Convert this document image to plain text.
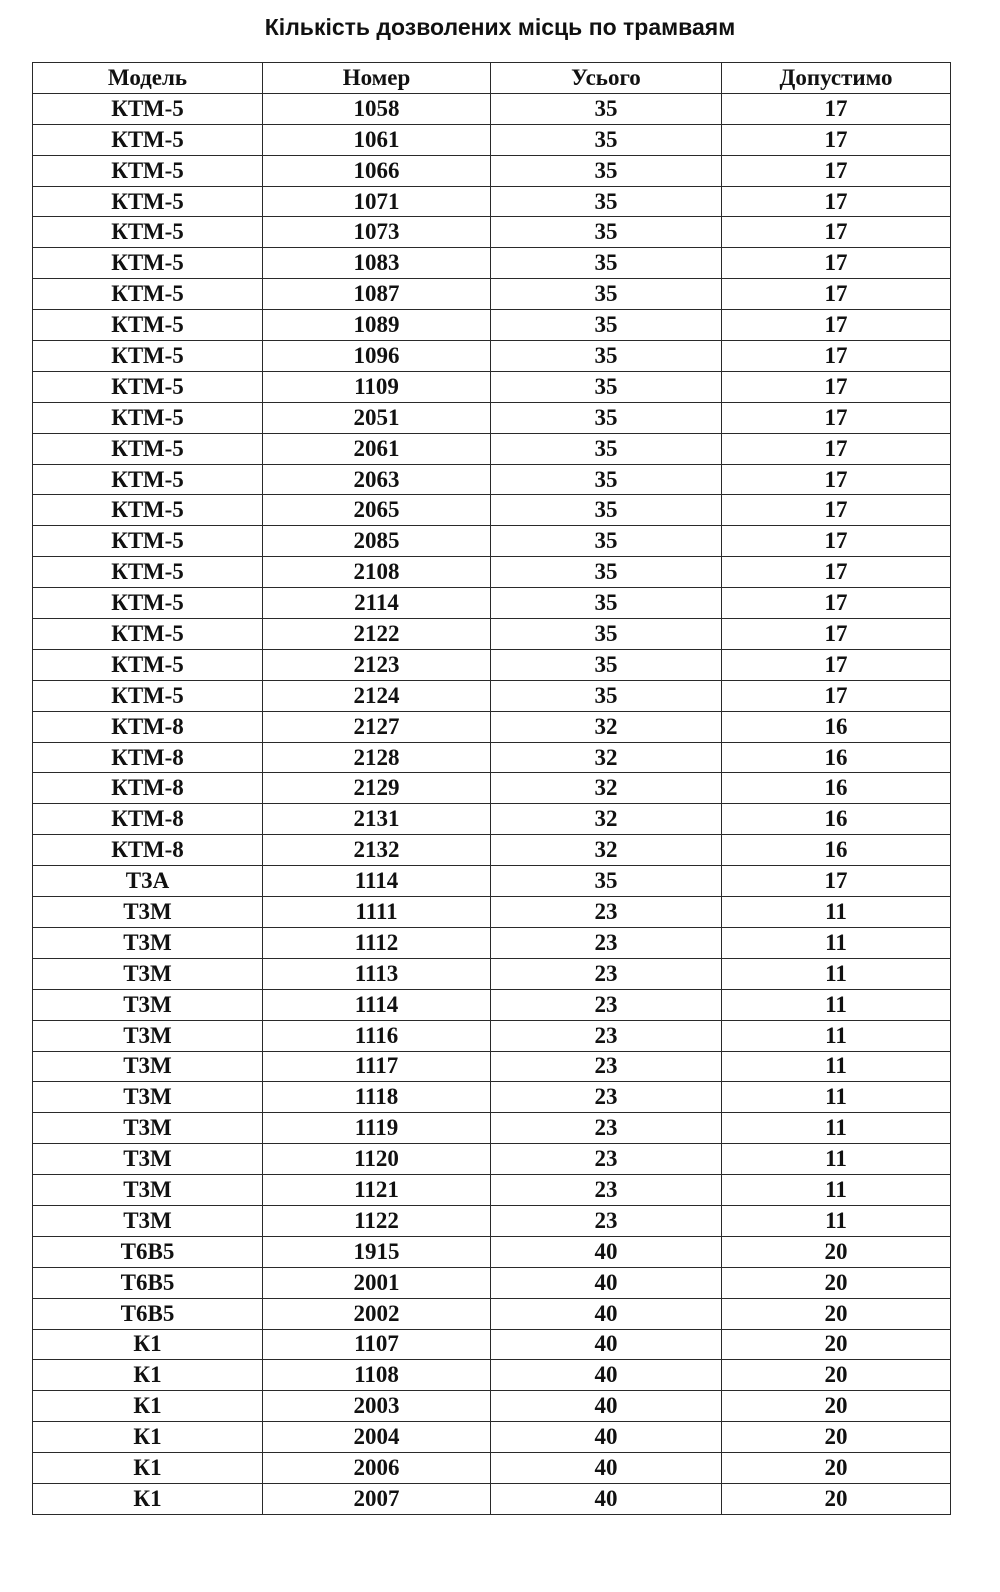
Кількість дозволених місць по трамваям
Модель	Номер	Усього	Допустимо
КТМ-5	1058	35	17
КТМ-5	1061	35	17
КТМ-5	1066	35	17
КТМ-5	1071	35	17
КТМ-5	1073	35	17
КТМ-5	1083	35	17
КТМ-5	1087	35	17
КТМ-5	1089	35	17
КТМ-5	1096	35	17
КТМ-5	1109	35	17
КТМ-5	2051	35	17
КТМ-5	2061	35	17
КТМ-5	2063	35	17
КТМ-5	2065	35	17
КТМ-5	2085	35	17
КТМ-5	2108	35	17
КТМ-5	2114	35	17
КТМ-5	2122	35	17
КТМ-5	2123	35	17
КТМ-5	2124	35	17
КТМ-8	2127	32	16
КТМ-8	2128	32	16
КТМ-8	2129	32	16
КТМ-8	2131	32	16
КТМ-8	2132	32	16
Т3А	1114	35	17
Т3М	1111	23	11
Т3М	1112	23	11
Т3М	1113	23	11
Т3М	1114	23	11
Т3М	1116	23	11
Т3М	1117	23	11
Т3М	1118	23	11
Т3М	1119	23	11
Т3М	1120	23	11
Т3М	1121	23	11
Т3М	1122	23	11
Т6В5	1915	40	20
Т6В5	2001	40	20
Т6В5	2002	40	20
К1	1107	40	20
К1	1108	40	20
К1	2003	40	20
К1	2004	40	20
К1	2006	40	20
К1	2007	40	20
